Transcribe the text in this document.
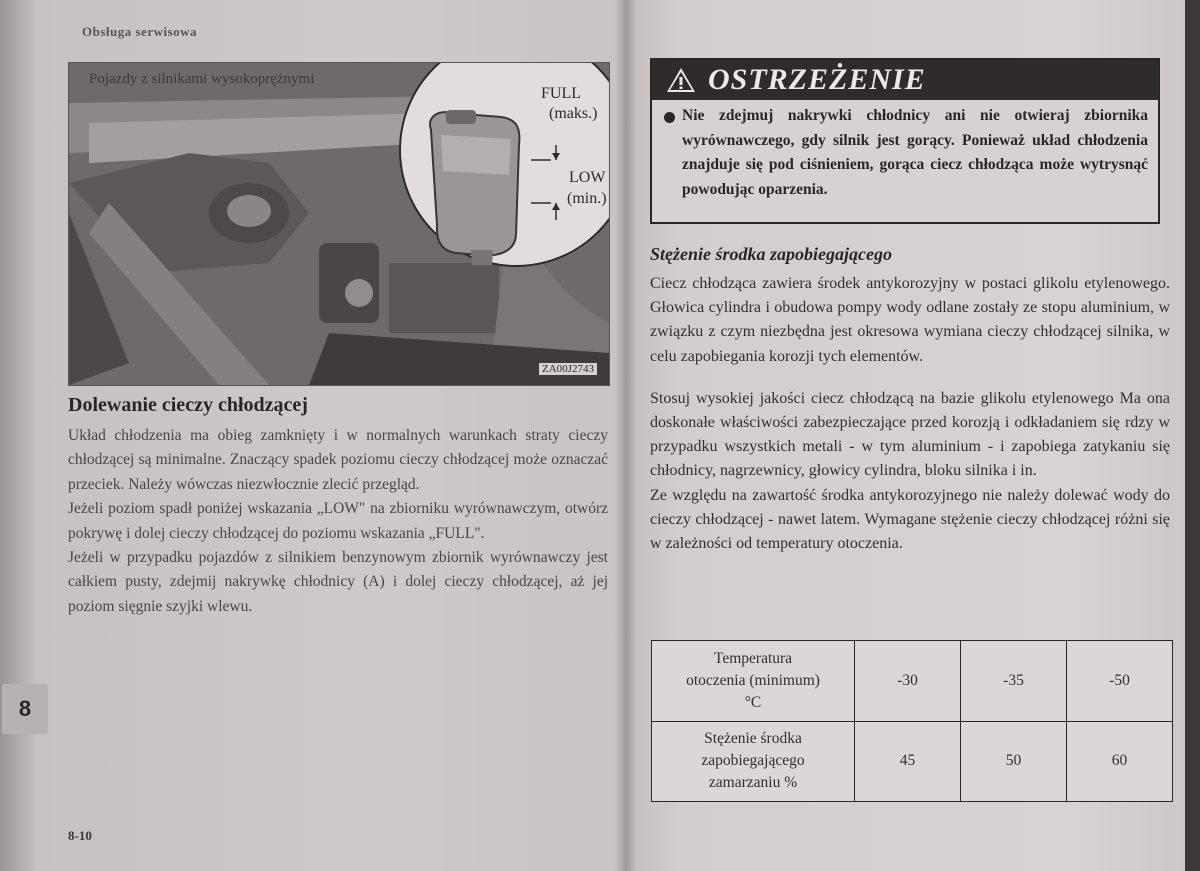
Obsługa serwisowa
Pojazdy z silnikami wysokoprężnymi
FULL
(maks.)
LOW
(min.)
ZA00J2743
Dolewanie cieczy chłodzącej

Układ chłodzenia ma obieg zamknięty i w normalnych warunkach straty cieczy chłodzącej są minimalne. Znaczący spadek poziomu cieczy chłodzącej może oznaczać przeciek. Należy wówczas niezwłocznie zlecić przegląd.

Jeżeli poziom spadł poniżej wskazania „LOW" na zbiorniku wyrównawczym, otwórz pokrywę i dolej cieczy chłodzącej do poziomu wskazania „FULL".

Jeżeli w przypadku pojazdów z silnikiem benzynowym zbiornik wyrównawczy jest całkiem pusty, zdejmij nakrywkę chłodnicy (A) i dolej cieczy chłodzącej, aż jej poziom sięgnie szyjki wlewu.

8
8-10
OSTRZEŻENIE
Nie zdejmuj nakrywki chłodnicy ani nie otwieraj zbiornika wyrównawczego, gdy silnik jest gorący. Ponieważ układ chłodzenia znajduje się pod ciśnieniem, gorąca ciecz chłodząca może wytrysnąć powodując oparzenia.
Stężenie środka zapobiegającego

Ciecz chłodząca zawiera środek antykorozyjny w postaci glikolu etylenowego. Głowica cylindra i obudowa pompy wody odlane zostały ze stopu aluminium, w związku z czym niezbędna jest okresowa wymiana cieczy chłodzącej silnika, w celu zapobiegania korozji tych elementów.

Stosuj wysokiej jakości ciecz chłodzącą na bazie glikolu etylenowego Ma ona doskonałe właściwości zabezpieczające przed korozją i odkładaniem się rdzy w przypadku wszystkich metali - w tym aluminium - i zapobiega zatykaniu się chłodnicy, nagrzewnicy, głowicy cylindra, bloku silnika i in.

Ze względu na zawartość środka antykorozyjnego nie należy dolewać wody do cieczy chłodzącej - nawet latem. Wymagane stężenie cieczy chłodzącej różni się w zależności od temperatury otoczenia.

Temperatura
otoczenia (minimum)
°C	-30	-35	-50

Stężenie środka
zapobiegającego
zamarzaniu %	45	50	60
